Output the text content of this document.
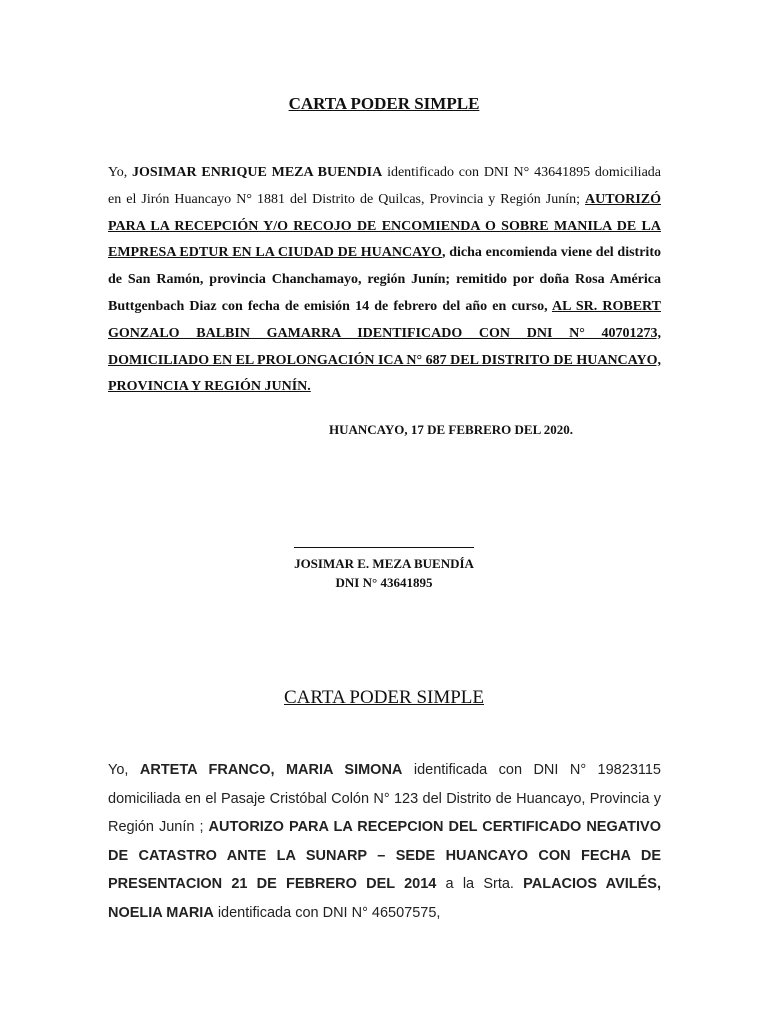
CARTA PODER SIMPLE
Yo, JOSIMAR ENRIQUE MEZA BUENDIA identificado con DNI N° 43641895 domiciliada en el Jirón Huancayo N° 1881 del Distrito de Quilcas, Provincia y Región Junín; AUTORIZÓ PARA LA RECEPCIÓN Y/O RECOJO DE ENCOMIENDA O SOBRE MANILA DE LA EMPRESA EDTUR EN LA CIUDAD DE HUANCAYO, dicha encomienda viene del distrito de San Ramón, provincia Chanchamayo, región Junín; remitido por doña Rosa América Buttgenbach Diaz con fecha de emisión 14 de febrero del año en curso, AL SR. ROBERT GONZALO BALBIN GAMARRA IDENTIFICADO CON DNI N° 40701273, DOMICILIADO EN EL PROLONGACIÓN ICA N° 687 DEL DISTRITO DE HUANCAYO, PROVINCIA Y REGIÓN JUNÍN.
HUANCAYO, 17 DE FEBRERO DEL 2020.
JOSIMAR E. MEZA BUENDÍA
DNI N° 43641895
CARTA PODER SIMPLE
Yo, ARTETA FRANCO, MARIA SIMONA identificada con DNI N° 19823115 domiciliada en el Pasaje Cristóbal Colón N° 123 del Distrito de Huancayo, Provincia y Región Junín ; AUTORIZO PARA LA RECEPCION DEL CERTIFICADO NEGATIVO DE CATASTRO ANTE LA SUNARP – SEDE HUANCAYO CON FECHA DE PRESENTACION 21 DE FEBRERO DEL 2014 a la Srta. PALACIOS AVILÉS, NOELIA MARIA identificada con DNI N° 46507575,
